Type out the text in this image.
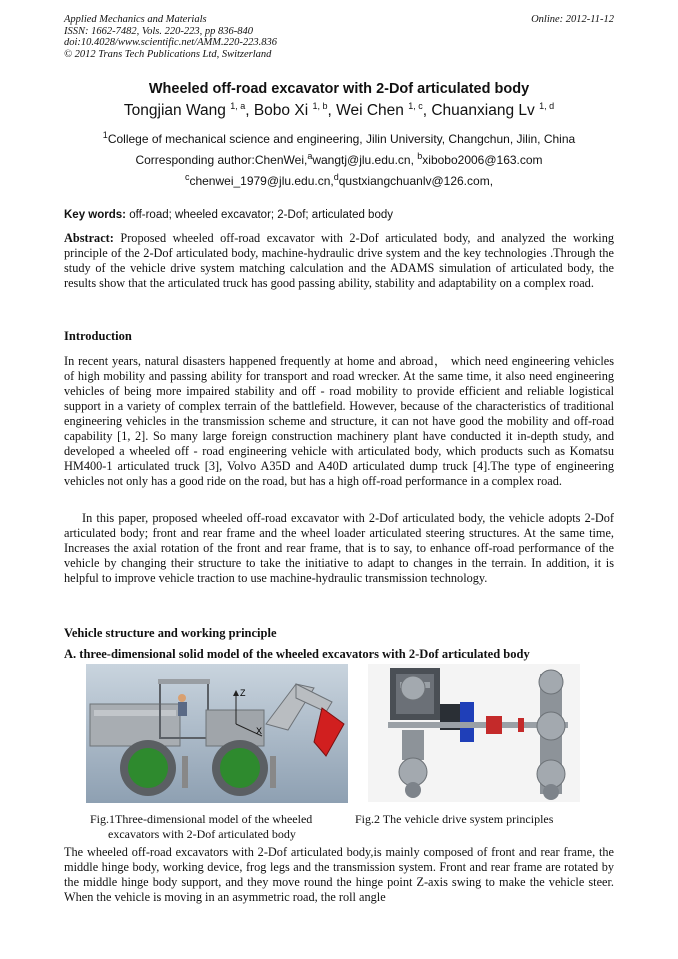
Applied Mechanics and Materials
ISSN: 1662-7482, Vols. 220-223, pp 836-840
doi:10.4028/www.scientific.net/AMM.220-223.836
© 2012 Trans Tech Publications Ltd, Switzerland
Online: 2012-11-12
Wheeled off-road excavator with 2-Dof articulated body
Tongjian Wang $^{1, a}$, Bobo Xi $^{1, b}$, Wei Chen $^{1, c}$, Chuanxiang Lv $^{1, d}$
$^1$College of mechanical science and engineering, Jilin University, Changchun, Jilin, China
Corresponding author:ChenWei,$^a$wangtj@jlu.edu.cn, $^b$xibobo2006@163.com
$^c$chenwei_1979@jlu.edu.cn,$^d$qustxiangchuanlv@126.com,
Key words: off-road; wheeled excavator; 2-Dof; articulated body
Abstract: Proposed wheeled off-road excavator with 2-Dof articulated body, and analyzed the working principle of the 2-Dof articulated body, machine-hydraulic drive system and the key technologies .Through the study of the vehicle drive system matching calculation and the ADAMS simulation of articulated body, the results show that the articulated truck has good passing ability, stability and adaptability on a complex road.
Introduction
In recent years, natural disasters happened frequently at home and abroad， which need engineering vehicles of high mobility and passing ability for transport and road wrecker. At the same time, it also need engineering vehicles of being more impaired stability and off - road mobility to provide efficient and reliable logistical support in a variety of complex terrain of the battlefield. However, because of the characteristics of traditional engineering vehicles in the transmission scheme and structure, it can not have good the mobility and off-road capability [1, 2]. So many large foreign construction machinery plant have conducted it in-depth study, and developed a wheeled off - road engineering vehicle with articulated body, which products such as Komatsu HM400-1 articulated truck [3], Volvo A35D and A40D articulated dump truck [4].The type of engineering vehicles not only has a good ride on the road, but has a high off-road performance in a complex road.
In this paper, proposed wheeled off-road excavator with 2-Dof articulated body, the vehicle adopts 2-Dof articulated body; front and rear frame and the wheel loader articulated steering structures. At the same time, Increases the axial rotation of the front and rear frame, that is to say, to enhance off-road performance of the vehicle by changing their structure to take the initiative to adapt to changes in the terrain. In addition, it is helpful to improve vehicle traction to use machine-hydraulic transmission technology.
Vehicle structure and working principle
A. three-dimensional solid model of the wheeled excavators with 2-Dof articulated body
Z
X
Fig.1Three-dimensional model of the wheeled
excavators with 2-Dof articulated body
Fig.2 The vehicle drive system principles
The wheeled off-road excavators with 2-Dof articulated body,is mainly composed of front and rear frame, the middle hinge body, working device, frog legs and the transmission system. Front and rear frame are rotated by the middle hinge body support, and they move round the hinge point Z-axis swing to make the vehicle steer. When the vehicle is moving in an asymmetric road, the roll angle
